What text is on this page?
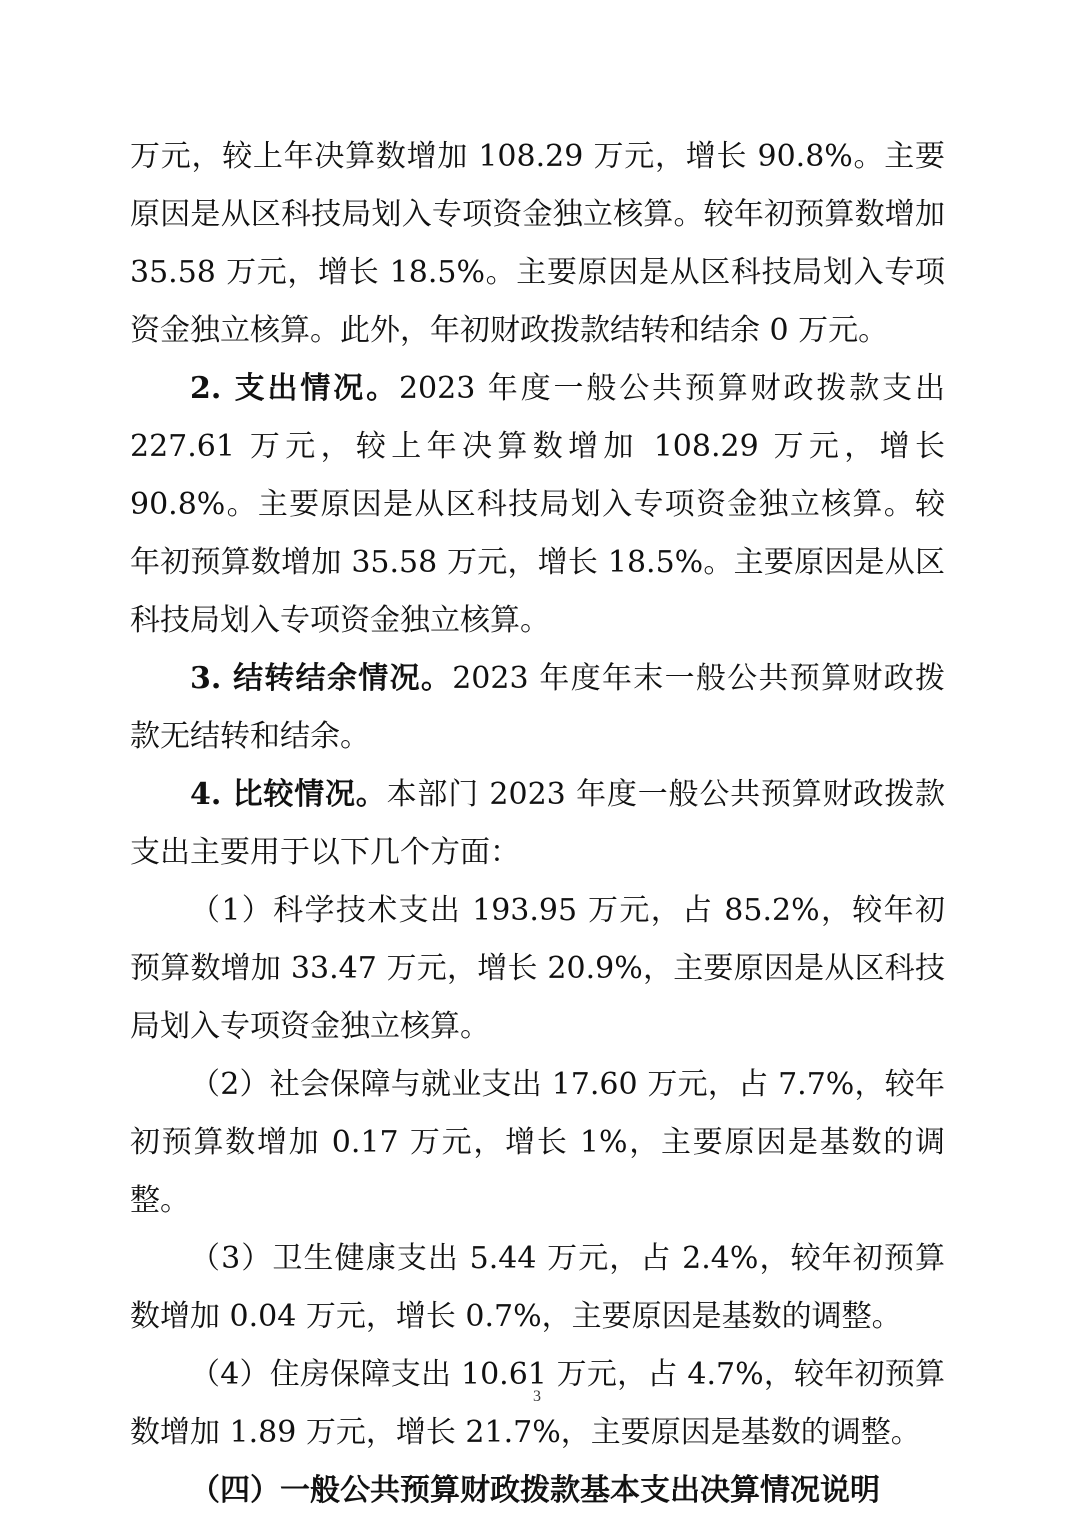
万元，较上年决算数增加 108.29 万元，增长 90.8%。主要原因是从区科技局划入专项资金独立核算。较年初预算数增加 35.58 万元，增长 18.5%。主要原因是从区科技局划入专项资金独立核算。此外，年初财政拨款结转和结余 0 万元。

2. 支出情况。2023 年度一般公共预算财政拨款支出 227.61 万元，较上年决算数增加 108.29 万元，增长 90.8%。主要原因是从区科技局划入专项资金独立核算。较年初预算数增加 35.58 万元，增长 18.5%。主要原因是从区科技局划入专项资金独立核算。

3. 结转结余情况。2023 年度年末一般公共预算财政拨款无结转和结余。

4. 比较情况。本部门 2023 年度一般公共预算财政拨款支出主要用于以下几个方面：

（1）科学技术支出 193.95 万元，占 85.2%，较年初预算数增加 33.47 万元，增长 20.9%，主要原因是从区科技局划入专项资金独立核算。

（2）社会保障与就业支出 17.60 万元，占 7.7%，较年初预算数增加 0.17 万元，增长 1%，主要原因是基数的调整。

（3）卫生健康支出 5.44 万元，占 2.4%，较年初预算数增加 0.04 万元，增长 0.7%，主要原因是基数的调整。

（4）住房保障支出 10.61 万元，占 4.7%，较年初预算数增加 1.89 万元，增长 21.7%，主要原因是基数的调整。

（四）一般公共预算财政拨款基本支出决算情况说明

3
